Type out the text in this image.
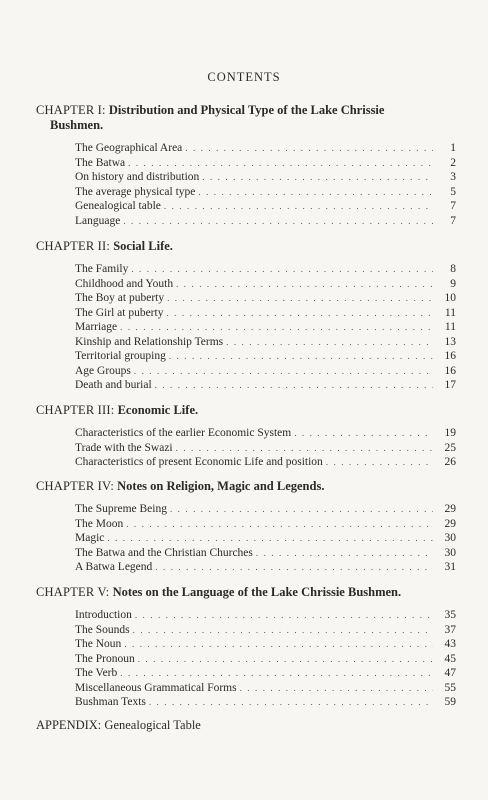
CONTENTS
CHAPTER I: Distribution and Physical Type of the Lake Chrissie
Bushmen.
The Geographical Area . . .	1
The Batwa . . .	2
On history and distribution . . .	3
The average physical type . . .	5
Genealogical table . . .	7
Language . . .	7
CHAPTER II: Social Life.
The Family . . .	8
Childhood and Youth . . .	9
The Boy at puberty . . .	10
The Girl at puberty . . .	11
Marriage . . .	11
Kinship and Relationship Terms . . .	13
Territorial grouping . . .	16
Age Groups . . .	16
Death and burial . . .	17
CHAPTER III: Economic Life.
Characteristics of the earlier Economic System . . .	19
Trade with the Swazi . . .	25
Characteristics of present Economic Life and position . . .	26
CHAPTER IV: Notes on Religion, Magic and Legends.
The Supreme Being . . .	29
The Moon . . .	29
Magic . . .	30
The Batwa and the Christian Churches . . .	30
A Batwa Legend . . .	31
CHAPTER V: Notes on the Language of the Lake Chrissie Bushmen.
Introduction . . .	35
The Sounds . . .	37
The Noun . . .	43
The Pronoun . . .	45
The Verb . . .	47
Miscellaneous Grammatical Forms . . .	55
Bushman Texts . . .	59
APPENDIX: Genealogical Table
